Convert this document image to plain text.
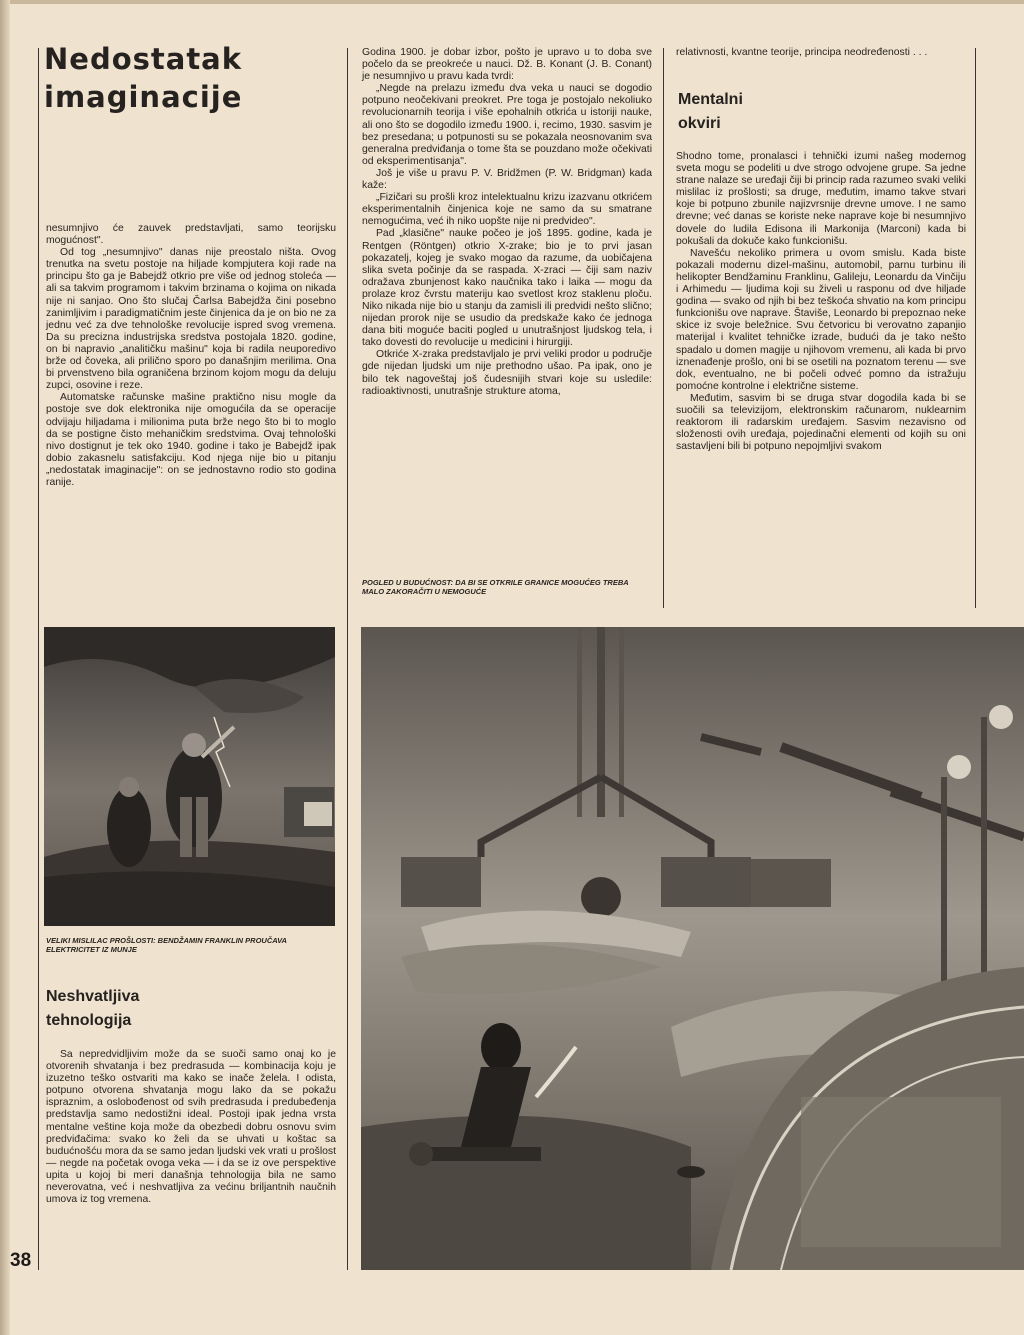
Nedostatak
imaginacije

nesumnjivo će zauvek predstavljati, samo teorijsku mogućnost".

Od tog „nesumnjivo" danas nije preostalo ništa. Ovog trenutka na svetu postoje na hiljade kompjutera koji rade na principu što ga je Babejdž otkrio pre više od jednog stoleća — ali sa takvim programom i takvim brzinama o kojima on nikada nije ni sanjao. Ono što slučaj Čarlsa Babejdža čini posebno zanimljivim i paradigmatičnim jeste činjenica da je on bio ne za jednu već za dve tehnološke revolucije ispred svog vremena. Da su precizna industrijska sredstva postojala 1820. godine, on bi napravio „analitičku mašinu" koja bi radila neuporedivo brže od čoveka, ali prilično sporo po današnjim merilima. Ona bi prvenstveno bila ograničena brzinom kojom mogu da deluju zupci, osovine i reze.

Automatske računske mašine praktično nisu mogle da postoje sve dok elektronika nije omogućila da se operacije odvijaju hiljadama i milionima puta brže nego što bi to moglo da se postigne čisto mehaničkim sredstvima. Ovaj tehnološki nivo dostignut je tek oko 1940. godine i tako je Babejdž ipak dobio zakasnelu satisfakciju. Kod njega nije bio u pitanju „nedostatak imaginacije": on se jednostavno rodio sto godina ranije.

Godina 1900. je dobar izbor, pošto je upravo u to doba sve počelo da se preokreće u nauci. Dž. B. Konant (J. B. Conant) je nesumnjivo u pravu kada tvrdi:

„Negde na prelazu između dva veka u nauci se dogodio potpuno neočekivani preokret. Pre toga je postojalo nekoliuko revolucionarnih teorija i više epohalnih otkrića u istoriji nauke, ali ono što se dogodilo između 1900. i, recimo, 1930. sasvim je bez presedana; u potpunosti su se pokazala neosnovanim sva generalna predviđanja o tome šta se pouzdano može očekivati od eksperimentisanja".

Još je više u pravu P. V. Bridžmen (P. W. Bridgman) kada kaže:

„Fizičari su prošli kroz intelektualnu krizu izazvanu otkrićem eksperimentalnih činjenica koje ne samo da su smatrane nemogućima, već ih niko uopšte nije ni predvideo".

Pad „klasične" nauke počeo je još 1895. godine, kada je Rentgen (Röntgen) otkrio X-zrake; bio je to prvi jasan pokazatelj, kojeg je svako mogao da razume, da uobičajena slika sveta počinje da se raspada. X-zraci — čiji sam naziv odražava zbunjenost kako naučnika tako i laika — mogu da prolaze kroz čvrstu materiju kao svetlost kroz staklenu ploču. Niko nikada nije bio u stanju da zamisli ili predvidi nešto slično; nijedan prorok nije se usudio da predskaže kako će jednoga dana biti moguće baciti pogled u unutrašnjost ljudskog tela, i tako dovesti do revolucije u medicini i hirurgiji.

Otkriće X-zraka predstavljalo je prvi veliki prodor u područje gde nijedan ljudski um nije prethodno ušao. Pa ipak, ono je bilo tek nagoveštaj još čudesnijih stvari koje su usledile: radioaktivnosti, unutrašnje strukture atoma,

POGLED U BUDUĆNOST: DA BI SE OTKRILE GRANICE MOGUĆEG TREBA MALO ZAKORAČITI U NEMOGUĆE

relativnosti, kvantne teorije, principa neodređenosti . . .

Mentalni
okviri

Shodno tome, pronalasci i tehnički izumi našeg modernog sveta mogu se podeliti u dve strogo odvojene grupe. Sa jedne strane nalaze se uređaji čiji bi princip rada razumeo svaki veliki mislilac iz prošlosti; sa druge, međutim, imamo takve stvari koje bi potpuno zbunile najizvrsnije drevne umove. I ne samo drevne; već danas se koriste neke naprave koje bi nesumnjivo dovele do ludila Edisona ili Markonija (Marconi) kada bi pokušali da dokuče kako funkcionišu.

Navešću nekoliko primera u ovom smislu. Kada biste pokazali modernu dizel-mašinu, automobil, parnu turbinu ili helikopter Bendžaminu Franklinu, Galileju, Leonardu da Vinčiju i Arhimedu — ljudima koji su živeli u rasponu od dve hiljade godina — svako od njih bi bez teškoća shvatio na kom principu funkcionišu ove naprave. Štaviše, Leonardo bi prepoznao neke skice iz svoje beležnice. Svu četvoricu bi verovatno zapanjio materijal i kvalitet tehničke izrade, budući da je tako nešto spadalo u domen magije u njihovom vremenu, ali kada bi prvo iznenađenje prošlo, oni bi se osetili na poznatom terenu — sve dok, eventualno, ne bi počeli odveć pomno da istražuju pomoćne kontrolne i električne sisteme.

Međutim, sasvim bi se druga stvar dogodila kada bi se suočili sa televizijom, elektronskim računarom, nuklearnim reaktorom ili radarskim uređajem. Sasvim nezavisno od složenosti ovih uređaja, pojedinačni elementi od kojih su oni sastavljeni bili bi potpuno nepojmljivi svakom

VELIKI MISLILAC PROŠLOSTI: BENDŽAMIN FRANKLIN PROUČAVA ELEKTRICITET IZ MUNJE

Neshvatljiva
tehnologija

Sa nepredvidljivim može da se suoči samo onaj ko je otvorenih shvatanja i bez predrasuda — kombinacija koju je izuzetno teško ostvariti ma kako se inače želela. I odista, potpuno otvorena shvatanja mogu lako da se pokažu ispraznim, a oslobođenost od svih predrasuda i predubeđenja predstavlja samo nedostižni ideal. Postoji ipak jedna vrsta mentalne veštine koja može da obezbedi dobru osnovu svim predviđačima: svako ko želi da se uhvati u koštac sa budućnošću mora da se samo jedan ljudski vek vrati u prošlost — negde na početak ovoga veka — i da se iz ove perspektive upita u kojoj bi meri današnja tehnologija bila ne samo neverovatna, već i neshvatljiva za većinu briljantnih naučnih umova iz tog vremena.

38
